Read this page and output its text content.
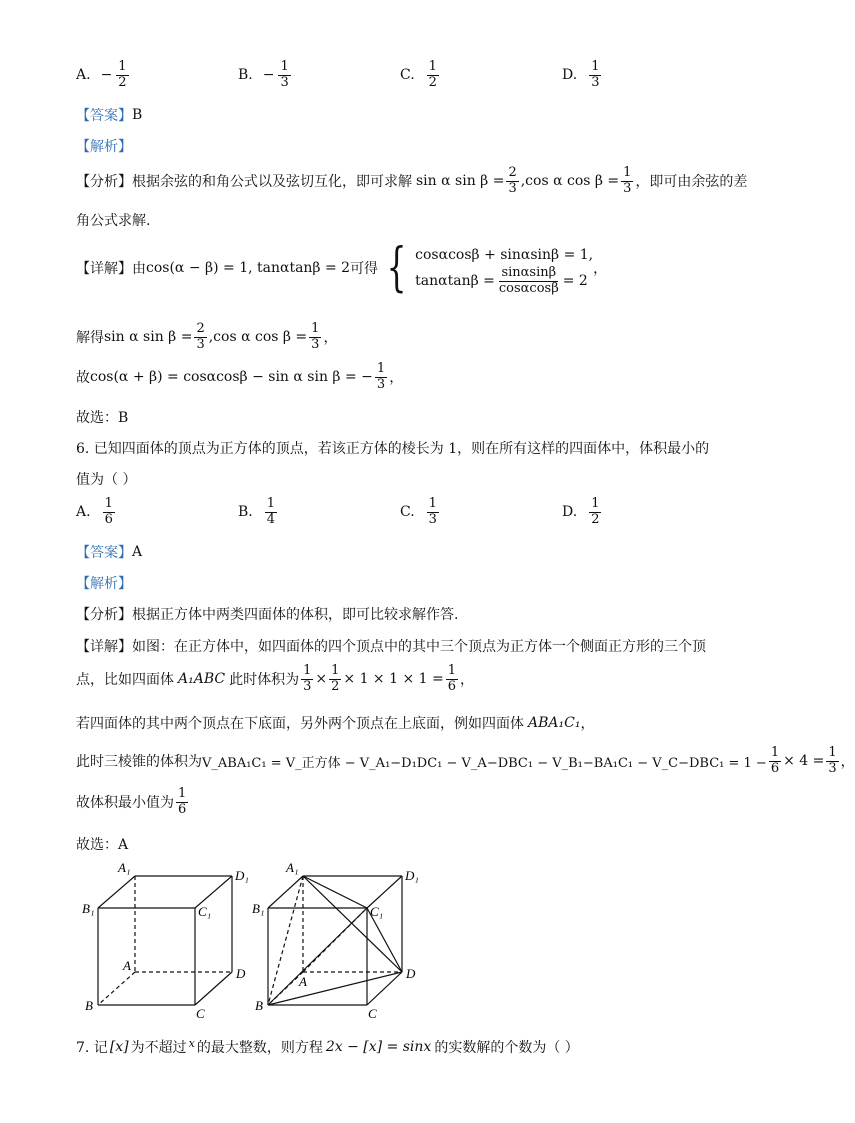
A. − $\frac{1}{2}$	B. − $\frac{1}{3}$	C. $\frac{1}{2}$	D. $\frac{1}{3}$
【答案】 B
【解析】
【分析】 根据余弦的和角公式以及弦切互化，即可求解 sin α $\sin \beta = \frac{2}{3} ,\cos$ α $\cos \beta = \frac{1}{3}$ ，即可由余弦的差
角公式求解.
【详解】 由 cos(α − β) = 1, tanαtanβ = 2 可得 { cosαcosβ + sinαsinβ = 1,
$\tan\alpha\tan\beta = \frac{\sin\alpha\sin\beta}{\cos\alpha\cos\beta} = 2$
，
解得 sin α $\sin \beta = \frac{2}{3} ,\cos$ α $\cos \beta = \frac{1}{3}$ ，
故 cos(α + β) = cosαcosβ − sin α sin β = − $\frac{1}{3}$ ，
故选：B
6. 已知四面体的顶点为正方体的顶点，若该正方体的棱长为 1，则在所有这样的四面体中，体积最小的
值为（ ）
A. $\frac{1}{6}$	B. $\frac{1}{4}$	C. $\frac{1}{3}$	D. $\frac{1}{2}$
【答案】 A
【解析】
【分析】 根据正方体中两类四面体的体积，即可比较求解作答.
【详解】 如图：在正方体中，如四面体的四个顶点中的其中三个顶点为正方体一个侧面正方形的三个顶
点，比如四面体 A₁ABC 此时体积为 $\frac{1}{3} \times \frac{1}{2} \times 1 \times 1 \times 1 = \frac{1}{6}$ ，
若四面体的其中两个顶点在下底面，另外两个顶点在上底面，例如四面体 ABA₁C₁ ，
此时三棱锥的体积为 V_ABA₁C₁ = V_正方体 − V_A₁−D₁DC₁ − V_A−DBC₁ − V_B₁−BA₁C₁ − V_C−DBC₁ = $1 - \frac{1}{6} \times 4 = \frac{1}{3}$ ，
故体积最小值为 $\frac{1}{6}$
故选：A
A₁
D₁
B₁	C₁
A
D
B
C
A₁
D₁
B₁	C₁
A
D
B
C
7. 记 [x] 为不超过 x 的最大整数，则方程 2x − [x] = sinx 的实数解的个数为（ ）
